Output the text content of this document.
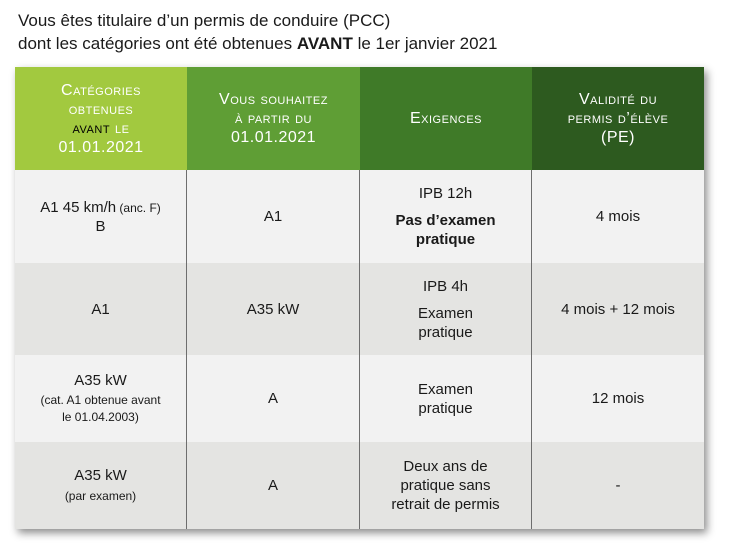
Vous êtes titulaire d’un permis de conduire (PCC)
dont les catégories ont été obtenues AVANT le 1er janvier 2021
Catégories
obtenues
avant le
01.01.2021
Vous souhaitez
à partir du
01.01.2021
Exigences
Validité du
permis d’élève
(PE)
A1 45 km/h (anc. F)
B
A1
IPB 12h
Pas d’examen
pratique
4 mois
A1	A35 kW
IPB 4h
Examen
pratique
4 mois + 12 mois
A35 kW
(cat. A1 obtenue avant
le 01.04.2003)
A
Examen
pratique
12 mois
A35 kW
(par examen)
A
Deux ans de
pratique sans
retrait de permis
-
